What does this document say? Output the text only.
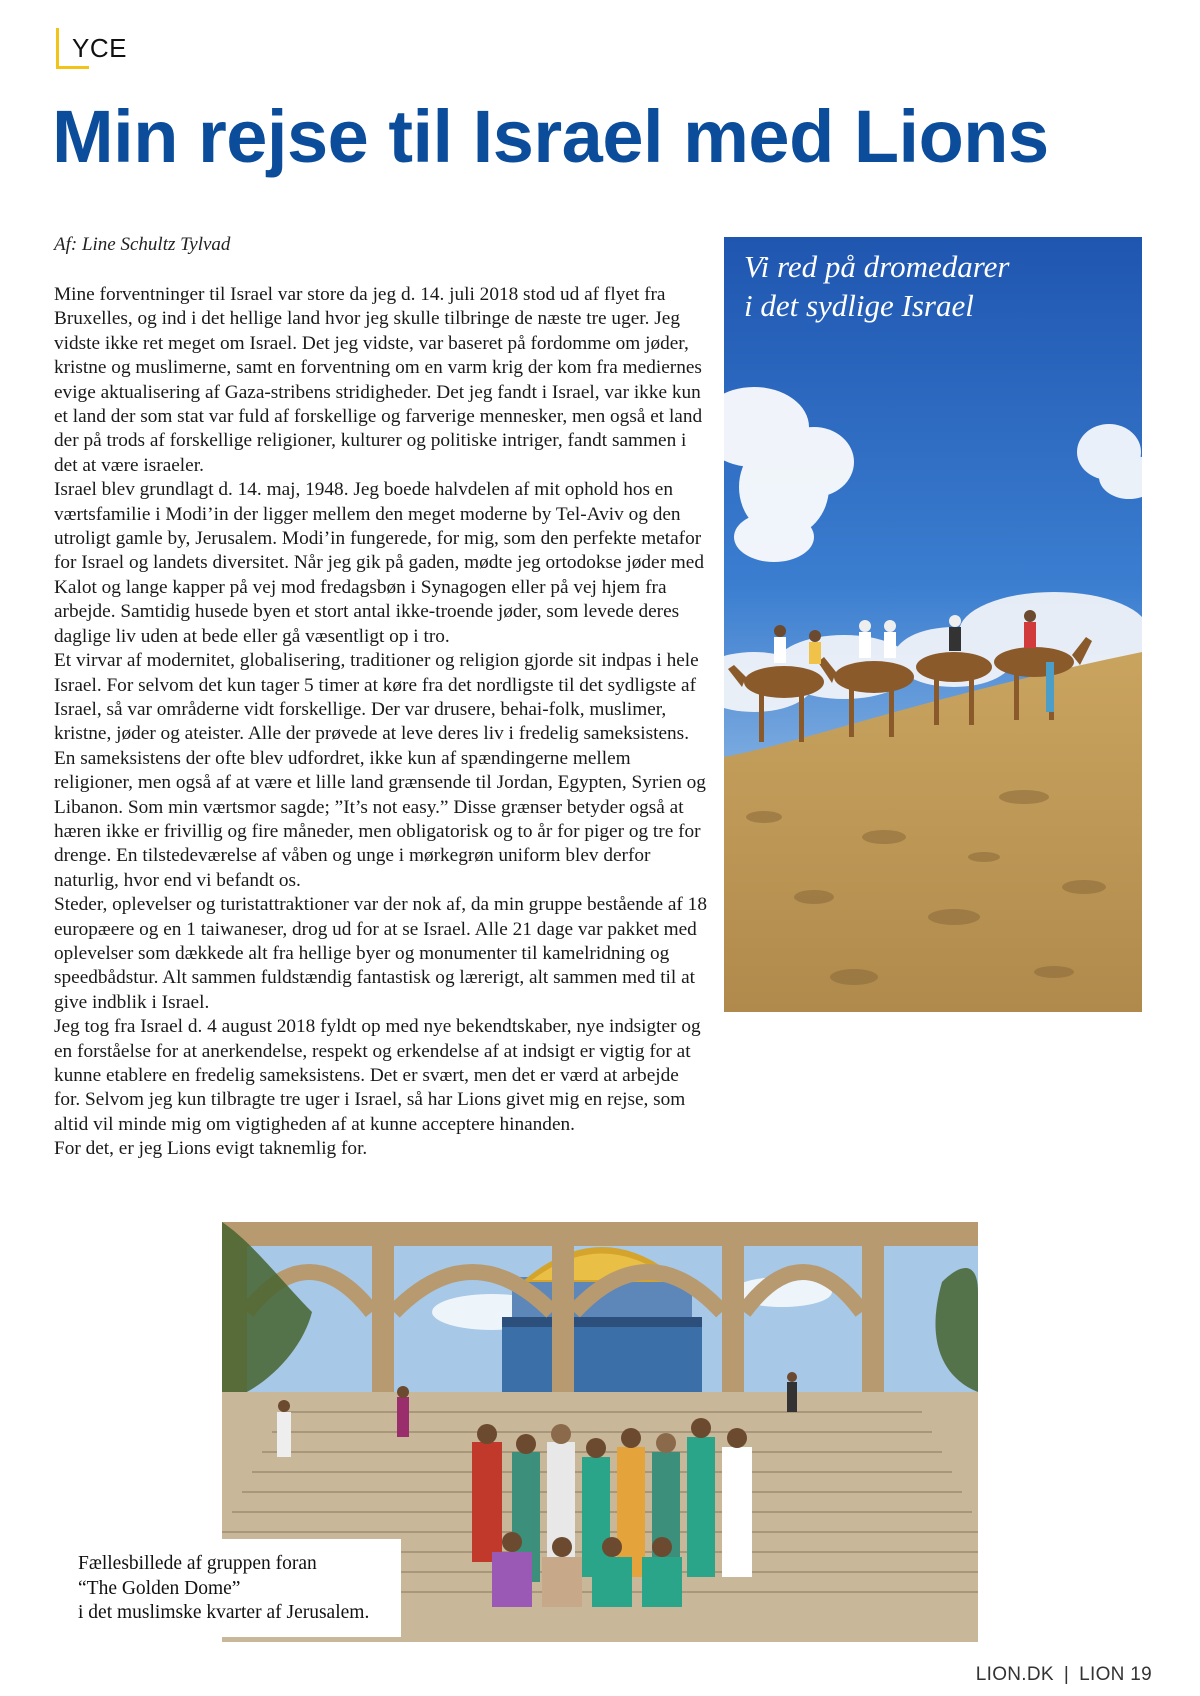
YCE
Min rejse til Israel med Lions
Af: Line Schultz Tylvad

Mine forventninger til Israel var store da jeg d. 14. juli 2018 stod ud af flyet fra Bruxelles, og ind i det hellige land hvor jeg skulle tilbringe de næste tre uger. Jeg vidste ikke ret meget om Israel. Det jeg vidste, var baseret på fordomme om jøder, kristne og muslimerne, samt en forventning om en varm krig der kom fra mediernes evige aktualisering af Gaza-stribens stridigheder. Det jeg fandt i Israel, var ikke kun et land der som stat var fuld af forskellige og farverige mennesker, men også et land der på trods af forskellige religioner, kulturer og politiske intriger, fandt sammen i det at være israeler.

Israel blev grundlagt d. 14. maj, 1948. Jeg boede halvdelen af mit ophold hos en værtsfamilie i Modi’in der ligger mellem den meget moderne by Tel-Aviv og den utroligt gamle by, Jerusalem. Modi’in fungerede, for mig, som den perfekte metafor for Israel og landets diversitet. Når jeg gik på gaden, mødte jeg ortodokse jøder med Kalot og lange kapper på vej mod fredagsbøn i Synagogen eller på vej hjem fra arbejde. Samtidig husede byen et stort antal ikke-troende jøder, som levede deres daglige liv uden at bede eller gå væsentligt op i tro.

Et virvar af modernitet, globalisering, traditioner og religion gjorde sit indpas i hele Israel. For selvom det kun tager 5 timer at køre fra det nordligste til det sydligste af Israel, så var områderne vidt forskellige. Der var drusere, behai-folk, muslimer, kristne, jøder og ateister. Alle der prøvede at leve deres liv i fredelig sameksistens.

En sameksistens der ofte blev udfordret, ikke kun af spændingerne mellem religioner, men også af at være et lille land grænsende til Jordan, Egypten, Syrien og Libanon. Som min værtsmor sagde; ”It’s not easy.” Disse grænser betyder også at hæren ikke er frivillig og fire måneder, men obligatorisk og to år for piger og tre for drenge. En tilstedeværelse af våben og unge i mørkegrøn uniform blev derfor naturlig, hvor end vi befandt os.

Steder, oplevelser og turistattraktioner var der nok af, da min gruppe bestående af 18 europæere og en 1 taiwaneser, drog ud for at se Israel. Alle 21 dage var pakket med oplevelser som dækkede alt fra hellige byer og monumenter til kamelridning og speedbådstur. Alt sammen fuldstændig fantastisk og lærerigt, alt sammen med til at give indblik i Israel.

Jeg tog fra Israel d. 4 august 2018 fyldt op med nye bekendtskaber, nye indsigter og en forståelse for at anerkendelse, respekt og erkendelse af at indsigt er vigtig for at kunne etablere en fredelig sameksistens. Det er svært, men det er værd at arbejde for. Selvom jeg kun tilbragte tre uger i Israel, så har Lions givet mig en rejse, som altid vil minde mig om vigtigheden af at kunne acceptere hinanden.

For det, er jeg Lions evigt taknemlig for.

Vi red på dromedarer
i det sydlige Israel
Fællesbillede af gruppen foran
“The Golden Dome”
i det muslimske kvarter af Jerusalem.
LION.DK | LION 19
